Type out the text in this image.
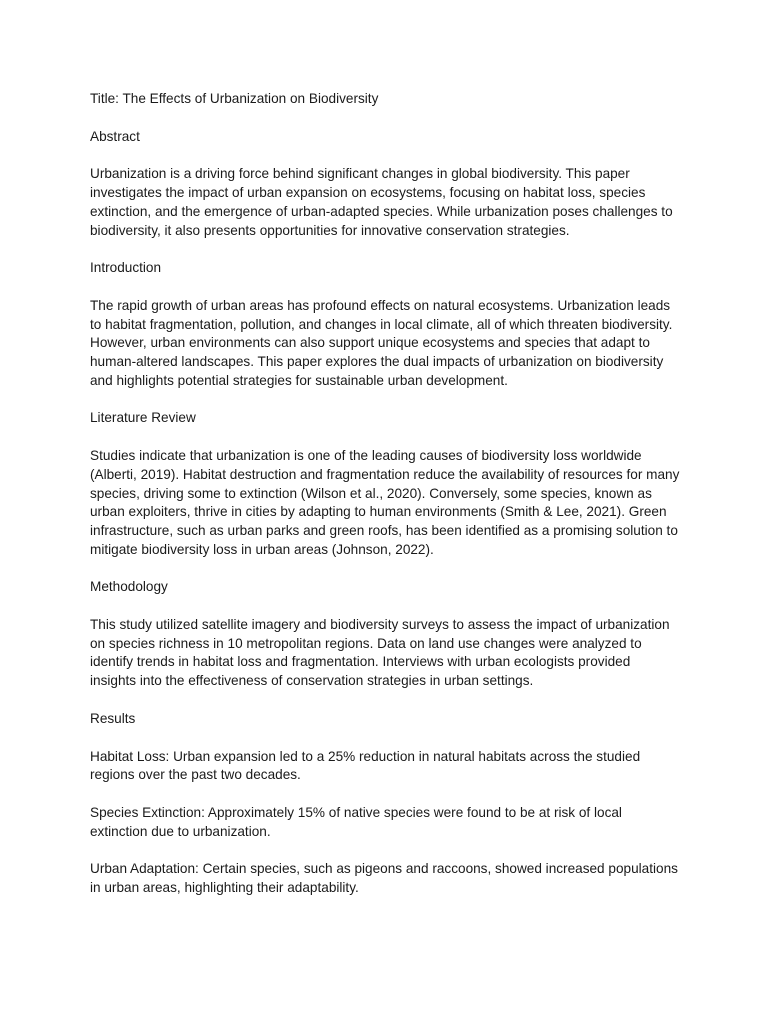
Title: The Effects of Urbanization on Biodiversity

Abstract

Urbanization is a driving force behind significant changes in global biodiversity. This paper investigates the impact of urban expansion on ecosystems, focusing on habitat loss, species extinction, and the emergence of urban-adapted species. While urbanization poses challenges to biodiversity, it also presents opportunities for innovative conservation strategies.

Introduction

The rapid growth of urban areas has profound effects on natural ecosystems. Urbanization leads to habitat fragmentation, pollution, and changes in local climate, all of which threaten biodiversity. However, urban environments can also support unique ecosystems and species that adapt to human-altered landscapes. This paper explores the dual impacts of urbanization on biodiversity and highlights potential strategies for sustainable urban development.

Literature Review

Studies indicate that urbanization is one of the leading causes of biodiversity loss worldwide (Alberti, 2019). Habitat destruction and fragmentation reduce the availability of resources for many species, driving some to extinction (Wilson et al., 2020). Conversely, some species, known as urban exploiters, thrive in cities by adapting to human environments (Smith & Lee, 2021). Green infrastructure, such as urban parks and green roofs, has been identified as a promising solution to mitigate biodiversity loss in urban areas (Johnson, 2022).

Methodology

This study utilized satellite imagery and biodiversity surveys to assess the impact of urbanization on species richness in 10 metropolitan regions. Data on land use changes were analyzed to identify trends in habitat loss and fragmentation. Interviews with urban ecologists provided insights into the effectiveness of conservation strategies in urban settings.

Results

Habitat Loss: Urban expansion led to a 25% reduction in natural habitats across the studied regions over the past two decades.

Species Extinction: Approximately 15% of native species were found to be at risk of local extinction due to urbanization.

Urban Adaptation: Certain species, such as pigeons and raccoons, showed increased populations in urban areas, highlighting their adaptability.
